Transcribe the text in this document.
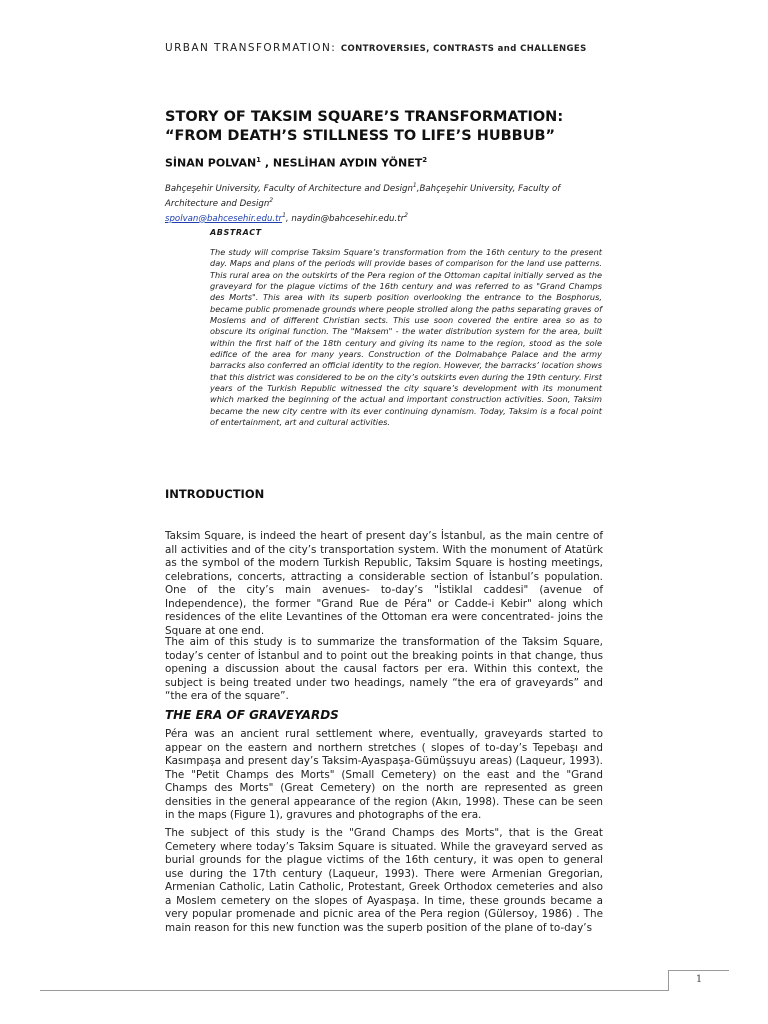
URBAN TRANSFORMATION: CONTROVERSIES, CONTRASTS and CHALLENGES
STORY OF TAKSIM SQUARE’S TRANSFORMATION:
“FROM DEATH’S STILLNESS TO LIFE’S HUBBUB”
SİNAN POLVAN$^1$ , NESLİHAN AYDIN YÖNET$^2$
Bahçeşehir University, Faculty of Architecture and Design$^1$,Bahçeşehir University, Faculty of Architecture and Design$^2$
$spolvan@bahcesehir.edu.tr^1$, $naydin@bahcesehir.edu.tr^2$
ABSTRACT

The study will comprise Taksim Square’s transformation from the 16th century to the present day. Maps and plans of the periods will provide bases of comparison for the land use patterns. This rural area on the outskirts of the Pera region of the Ottoman capital initially served as the graveyard for the plague victims of the 16th century and was referred to as "Grand Champs des Morts". This area with its superb position overlooking the entrance to the Bosphorus, became public promenade grounds where people strolled along the paths separating graves of Moslems and of different Christian sects. This use soon covered the entire area so as to obscure its original function. The "Maksem" - the water distribution system for the area, built within the first half of the 18th century and giving its name to the region, stood as the sole edifice of the area for many years. Construction of the Dolmabahçe Palace and the army barracks also conferred an official identity to the region. However, the barracks’ location shows that this district was considered to be on the city’s outskirts even during the 19th century. First years of the Turkish Republic witnessed the city square’s development with its monument which marked the beginning of the actual and important construction activities. Soon, Taksim became the new city centre with its ever continuing dynamism. Today, Taksim is a focal point of entertainment, art and cultural activities.

INTRODUCTION

Taksim Square, is indeed the heart of present day’s İstanbul, as the main centre of all activities and of the city’s transportation system. With the monument of Atatürk as the symbol of the modern Turkish Republic, Taksim Square is hosting meetings, celebrations, concerts, attracting a considerable section of İstanbul’s population. One of the city’s main avenues- to-day’s "İstiklal caddesi" (avenue of Independence), the former "Grand Rue de Péra" or Cadde-i Kebir" along which residences of the elite Levantines of the Ottoman era were concentrated- joins the Square at one end.

The aim of this study is to summarize the transformation of the Taksim Square, today’s center of İstanbul and to point out the breaking points in that change, thus opening a discussion about the causal factors per era. Within this context, the subject is being treated under two headings, namely “the era of graveyards” and “the era of the square”.

THE ERA OF GRAVEYARDS

Péra was an ancient rural settlement where, eventually, graveyards started to appear on the eastern and northern stretches ( slopes of to-day’s Tepebaşı and Kasımpaşa and present day’s Taksim-Ayaspaşa-Gümüşsuyu areas) (Laqueur, 1993). The "Petit Champs des Morts" (Small Cemetery) on the east and the "Grand Champs des Morts" (Great Cemetery) on the north are represented as green densities in the general appearance of the region (Akın, 1998). These can be seen in the maps (Figure 1), gravures and photographs of the era.

The subject of this study is the "Grand Champs des Morts", that is the Great Cemetery where today’s Taksim Square is situated. While the graveyard served as burial grounds for the plague victims of the 16th century, it was open to general use during the 17th century (Laqueur, 1993). There were Armenian Gregorian, Armenian Catholic, Latin Catholic, Protestant, Greek Orthodox cemeteries and also a Moslem cemetery on the slopes of Ayaspaşa. In time, these grounds became a very popular promenade and picnic area of the Pera region (Gülersoy, 1986) . The main reason for this new function was the superb position of the plane of to-day’s

1
